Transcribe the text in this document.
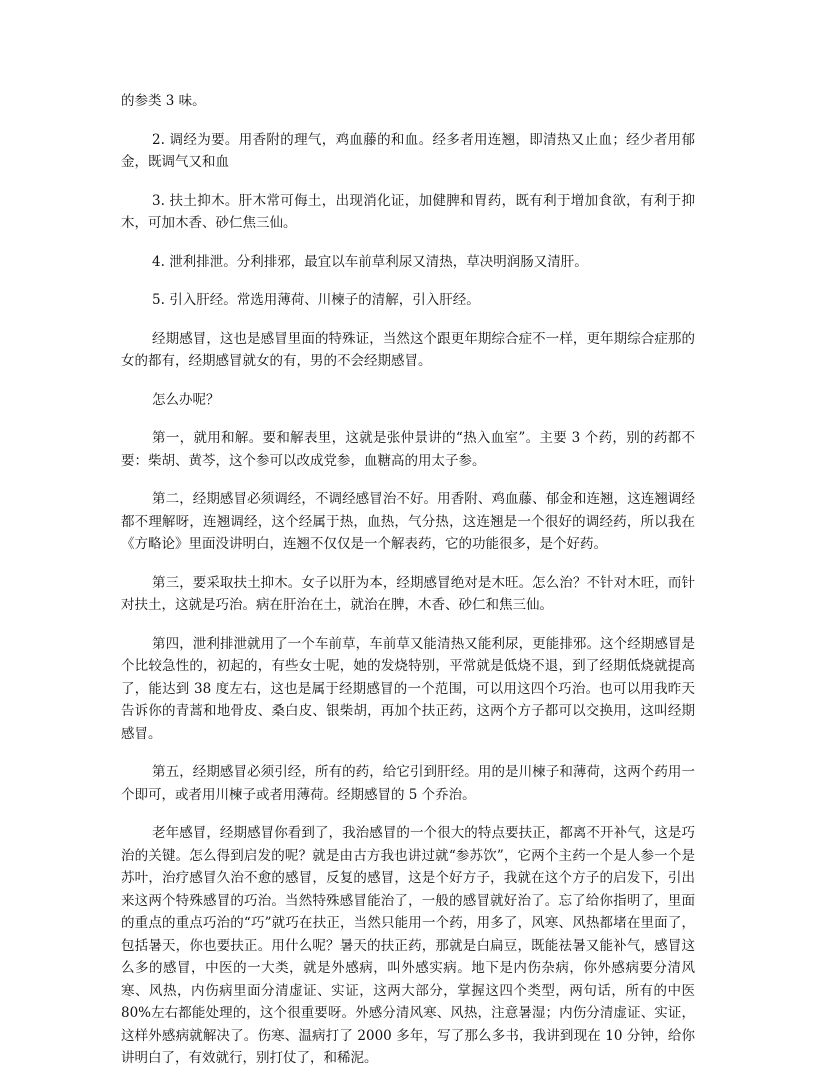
的参类 3 味。

2. 调经为要。用香附的理气，鸡血藤的和血。经多者用连翘，即清热又止血；经少者用郁金，既调气又和血

3. 扶土抑木。肝木常可侮土，出现消化证，加健脾和胃药，既有利于增加食欲，有利于抑木，可加木香、砂仁焦三仙。

4. 泄利排泄。分利排邪，最宜以车前草利尿又清热，草决明润肠又清肝。

5. 引入肝经。常选用薄荷、川楝子的清解，引入肝经。

经期感冒，这也是感冒里面的特殊证，当然这个跟更年期综合症不一样，更年期综合症那的女的都有，经期感冒就女的有，男的不会经期感冒。

怎么办呢？

第一，就用和解。要和解表里，这就是张仲景讲的“热入血室”。主要 3 个药，别的药都不要：柴胡、黄芩，这个参可以改成党参，血糖高的用太子参。

第二，经期感冒必须调经，不调经感冒治不好。用香附、鸡血藤、郁金和连翘，这连翘调经都不理解呀，连翘调经，这个经属于热，血热，气分热，这连翘是一个很好的调经药，所以我在《方略论》里面没讲明白，连翘不仅仅是一个解表药，它的功能很多，是个好药。

第三，要采取扶土抑木。女子以肝为本，经期感冒绝对是木旺。怎么治？不针对木旺，而针对扶土，这就是巧治。病在肝治在土，就治在脾，木香、砂仁和焦三仙。

第四，泄利排泄就用了一个车前草，车前草又能清热又能利尿，更能排邪。这个经期感冒是个比较急性的，初起的，有些女士呢，她的发烧特别，平常就是低烧不退，到了经期低烧就提高了，能达到 38 度左右，这也是属于经期感冒的一个范围，可以用这四个巧治。也可以用我昨天告诉你的青蒿和地骨皮、桑白皮、银柴胡，再加个扶正药，这两个方子都可以交换用，这叫经期感冒。

第五，经期感冒必须引经，所有的药，给它引到肝经。用的是川楝子和薄荷，这两个药用一个即可，或者用川楝子或者用薄荷。经期感冒的 5 个乔治。

老年感冒，经期感冒你看到了，我治感冒的一个很大的特点要扶正，都离不开补气，这是巧治的关键。怎么得到启发的呢？就是由古方我也讲过就“参苏饮”，它两个主药一个是人参一个是苏叶，治疗感冒久治不愈的感冒，反复的感冒，这是个好方子，我就在这个方子的启发下，引出来这两个特殊感冒的巧治。当然特殊感冒能治了，一般的感冒就好治了。忘了给你指明了，里面的重点的重点巧治的“巧”就巧在扶正，当然只能用一个药，用多了，风寒、风热都堵在里面了，包括暑天，你也要扶正。用什么呢？暑天的扶正药，那就是白扁豆，既能祛暑又能补气，感冒这么多的感冒，中医的一大类，就是外感病，叫外感实病。地下是内伤杂病，你外感病要分清风寒、风热，内伤病里面分清虚证、实证，这两大部分，掌握这四个类型，两句话，所有的中医 80%左右都能处理的，这个很重要呀。外感分清风寒、风热，注意暑湿；内伤分清虚证、实证，这样外感病就解决了。伤寒、温病打了 2000 多年，写了那么多书，我讲到现在 10 分钟，给你讲明白了，有效就行，别打仗了，和稀泥。
